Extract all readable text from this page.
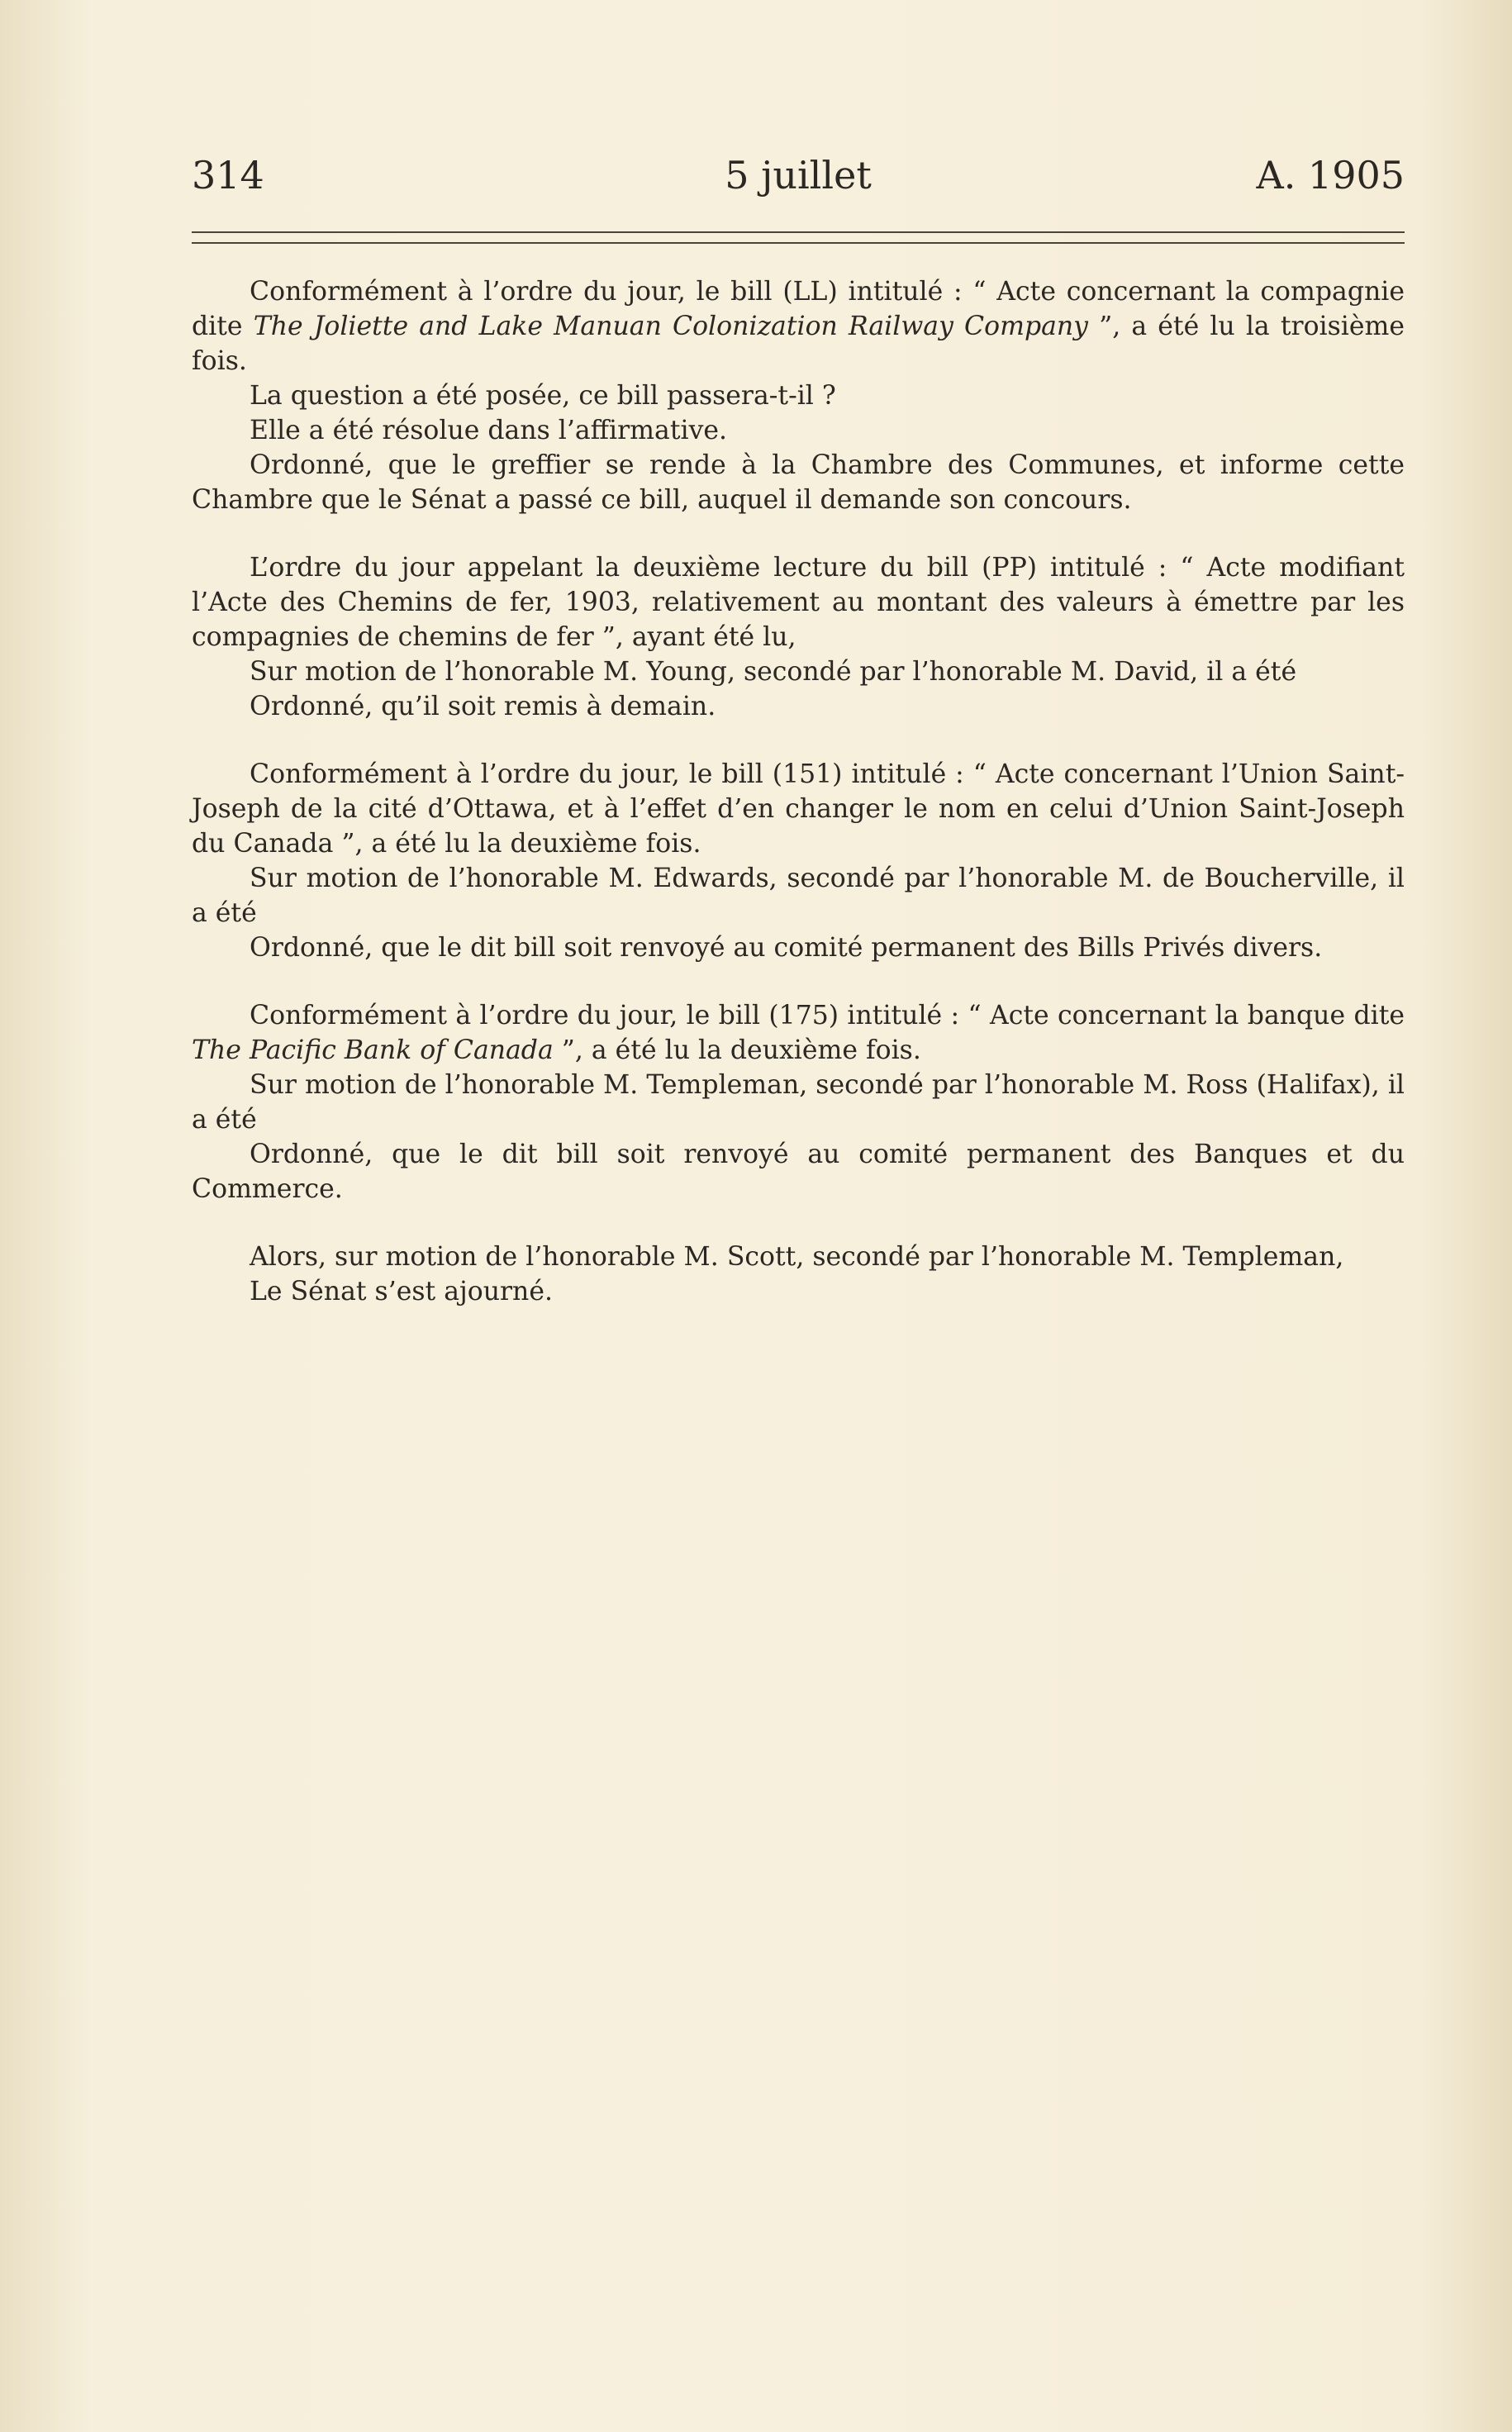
314	5 juillet	A. 1905

Conformément à l’ordre du jour, le bill (LL) intitulé : “ Acte concernant la compagnie dite The Joliette and Lake Manuan Colonization Railway Company ”, a été lu la troisième fois.

La question a été posée, ce bill passera-t-il ?

Elle a été résolue dans l’affirmative.

Ordonné, que le greffier se rende à la Chambre des Communes, et informe cette Chambre que le Sénat a passé ce bill, auquel il demande son concours.

L’ordre du jour appelant la deuxième lecture du bill (PP) intitulé : “ Acte modifiant l’Acte des Chemins de fer, 1903, relativement au montant des valeurs à émettre par les compagnies de chemins de fer ”, ayant été lu,

Sur motion de l’honorable M. Young, secondé par l’honorable M. David, il a été

Ordonné, qu’il soit remis à demain.

Conformément à l’ordre du jour, le bill (151) intitulé : “ Acte concernant l’Union Saint-Joseph de la cité d’Ottawa, et à l’effet d’en changer le nom en celui d’Union Saint-Joseph du Canada ”, a été lu la deuxième fois.

Sur motion de l’honorable M. Edwards, secondé par l’honorable M. de Boucherville, il a été

Ordonné, que le dit bill soit renvoyé au comité permanent des Bills Privés divers.

Conformément à l’ordre du jour, le bill (175) intitulé : “ Acte concernant la banque dite The Pacific Bank of Canada ”, a été lu la deuxième fois.

Sur motion de l’honorable M. Templeman, secondé par l’honorable M. Ross (Halifax), il a été

Ordonné, que le dit bill soit renvoyé au comité permanent des Banques et du Commerce.

Alors, sur motion de l’honorable M. Scott, secondé par l’honorable M. Templeman,

Le Sénat s’est ajourné.
